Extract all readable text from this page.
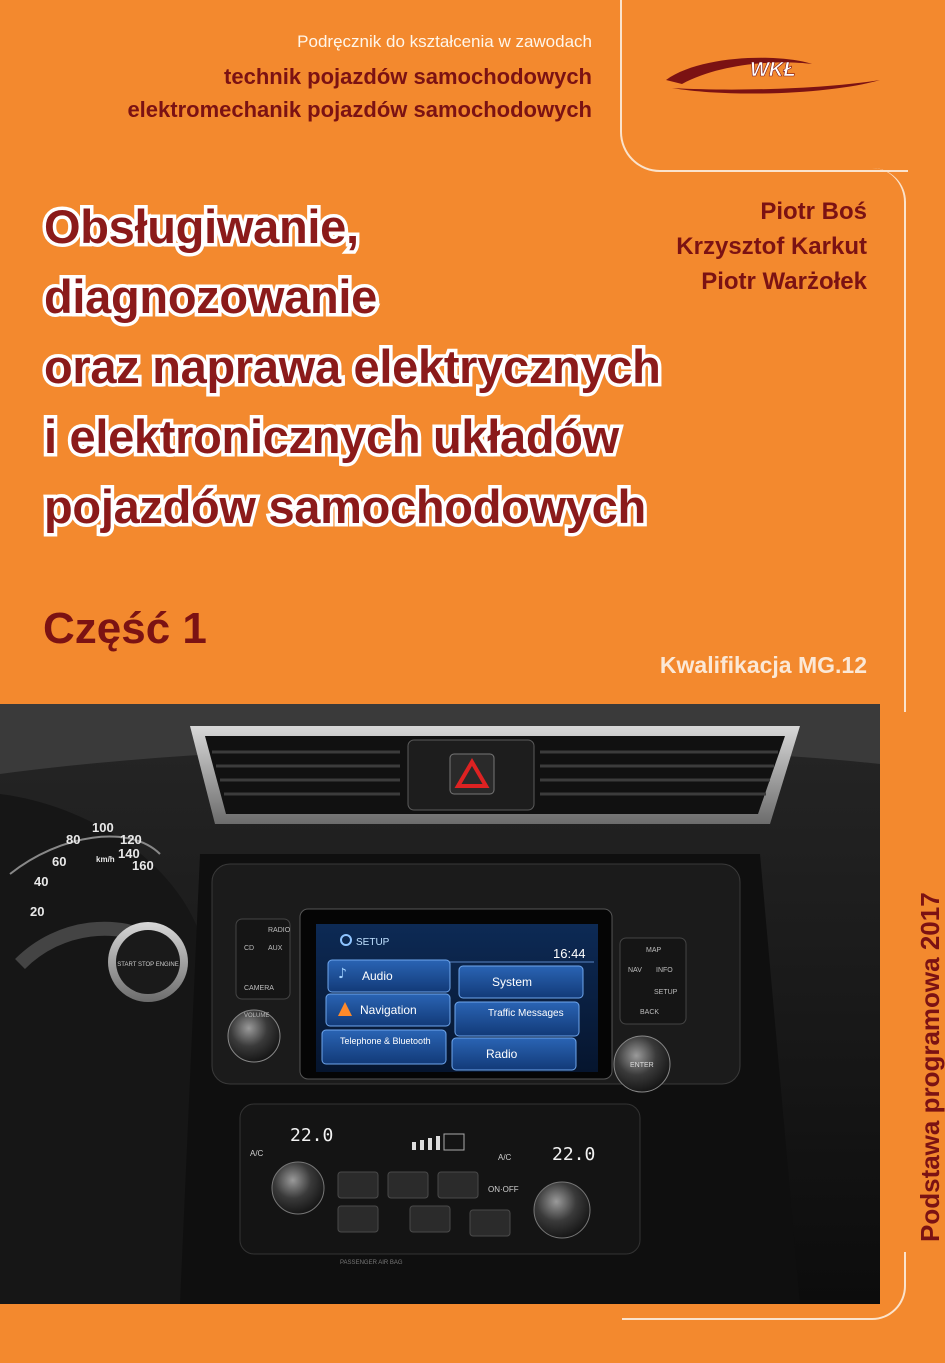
Podręcznik do kształcenia w zawodach
technik pojazdów samochodowych
elektromechanik pojazdów samochodowych
WKŁ
Piotr Boś
Krzysztof Karkut
Piotr Warżołek
Obsługiwanie,
diagnozowanie
oraz naprawa elektrycznych
i elektronicznych układów
pojazdów samochodowych
Część 1
Kwalifikacja MG.12
Podstawa programowa 2017
60
80
100
120
140
160
40
20
km/h
START STOP ENGINE
SETUP
16:44
Audio	System
Navigation	Traffic Messages
Telephone & Bluetooth
Radio
♪
RADIO
CD AUX
CAMERA
MAP
NAV INFO
SETUP
BACK
VOLUME
ENTER
22.0
22.0
A/C	A/C
ON·OFF
PASSENGER AIR BAG
